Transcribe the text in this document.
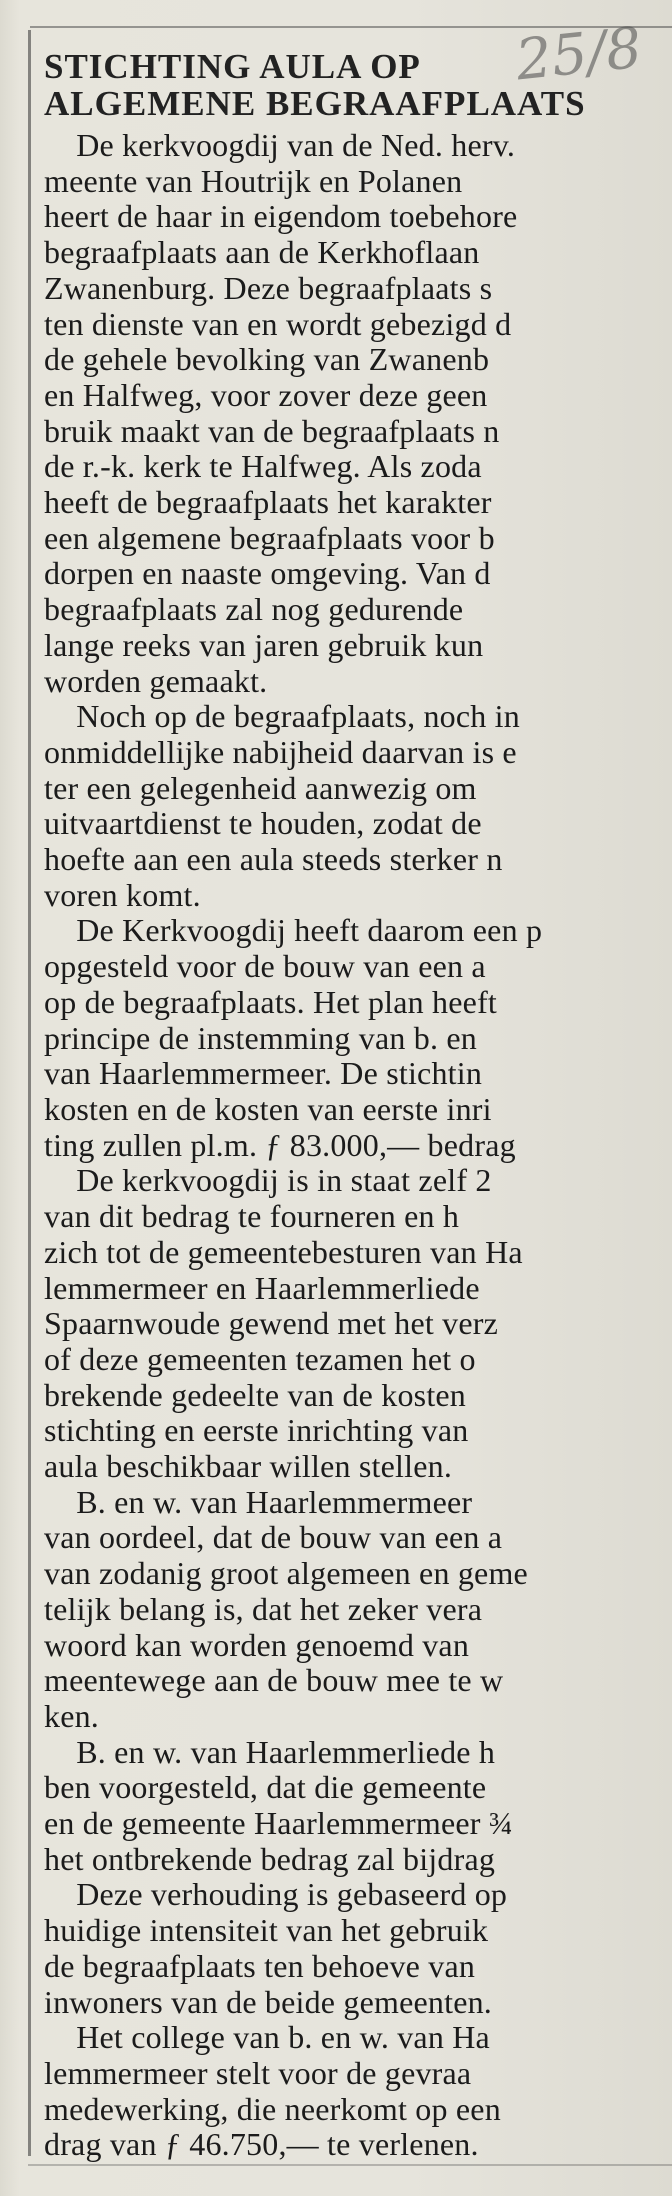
25/8
STICHTING AULA OP
ALGEMENE BEGRAAFPLAATS
 De kerkvoogdij van de Ned. herv.
meente van Houtrijk en Polanen
heert de haar in eigendom toebehore
begraafplaats aan de Kerkhoflaan
Zwanenburg. Deze begraafplaats s
ten dienste van en wordt gebezigd d
de gehele bevolking van Zwanenb
en Halfweg, voor zover deze geen
bruik maakt van de begraafplaats n
de r.-k. kerk te Halfweg. Als zoda
heeft de begraafplaats het karakter
een algemene begraafplaats voor b
dorpen en naaste omgeving. Van d
begraafplaats zal nog gedurende
lange reeks van jaren gebruik kun
worden gemaakt.
 Noch op de begraafplaats, noch in
onmiddellijke nabijheid daarvan is e
ter een gelegenheid aanwezig om
uitvaartdienst te houden, zodat de
hoefte aan een aula steeds sterker n
voren komt.
 De Kerkvoogdij heeft daarom een p
opgesteld voor de bouw van een a
op de begraafplaats. Het plan heeft
principe de instemming van b. en
van Haarlemmermeer. De stichtin
kosten en de kosten van eerste inri
ting zullen pl.m. ƒ 83.000,— bedrag
 De kerkvoogdij is in staat zelf 2
van dit bedrag te fourneren en h
zich tot de gemeentebesturen van Ha
lemmermeer en Haarlemmerliede
Spaarnwoude gewend met het verz
of deze gemeenten tezamen het o
brekende gedeelte van de kosten
stichting en eerste inrichting van
aula beschikbaar willen stellen.
 B. en w. van Haarlemmermeer
van oordeel, dat de bouw van een a
van zodanig groot algemeen en geme
telijk belang is, dat het zeker vera
woord kan worden genoemd van
meentewege aan de bouw mee te w
ken.
 B. en w. van Haarlemmerliede h
ben voorgesteld, dat die gemeente
en de gemeente Haarlemmermeer ¾
het ontbrekende bedrag zal bijdrag
 Deze verhouding is gebaseerd op
huidige intensiteit van het gebruik
de begraafplaats ten behoeve van
inwoners van de beide gemeenten.
 Het college van b. en w. van Ha
lemmermeer stelt voor de gevraa
medewerking, die neerkomt op een
drag van ƒ 46.750,— te verlenen.
